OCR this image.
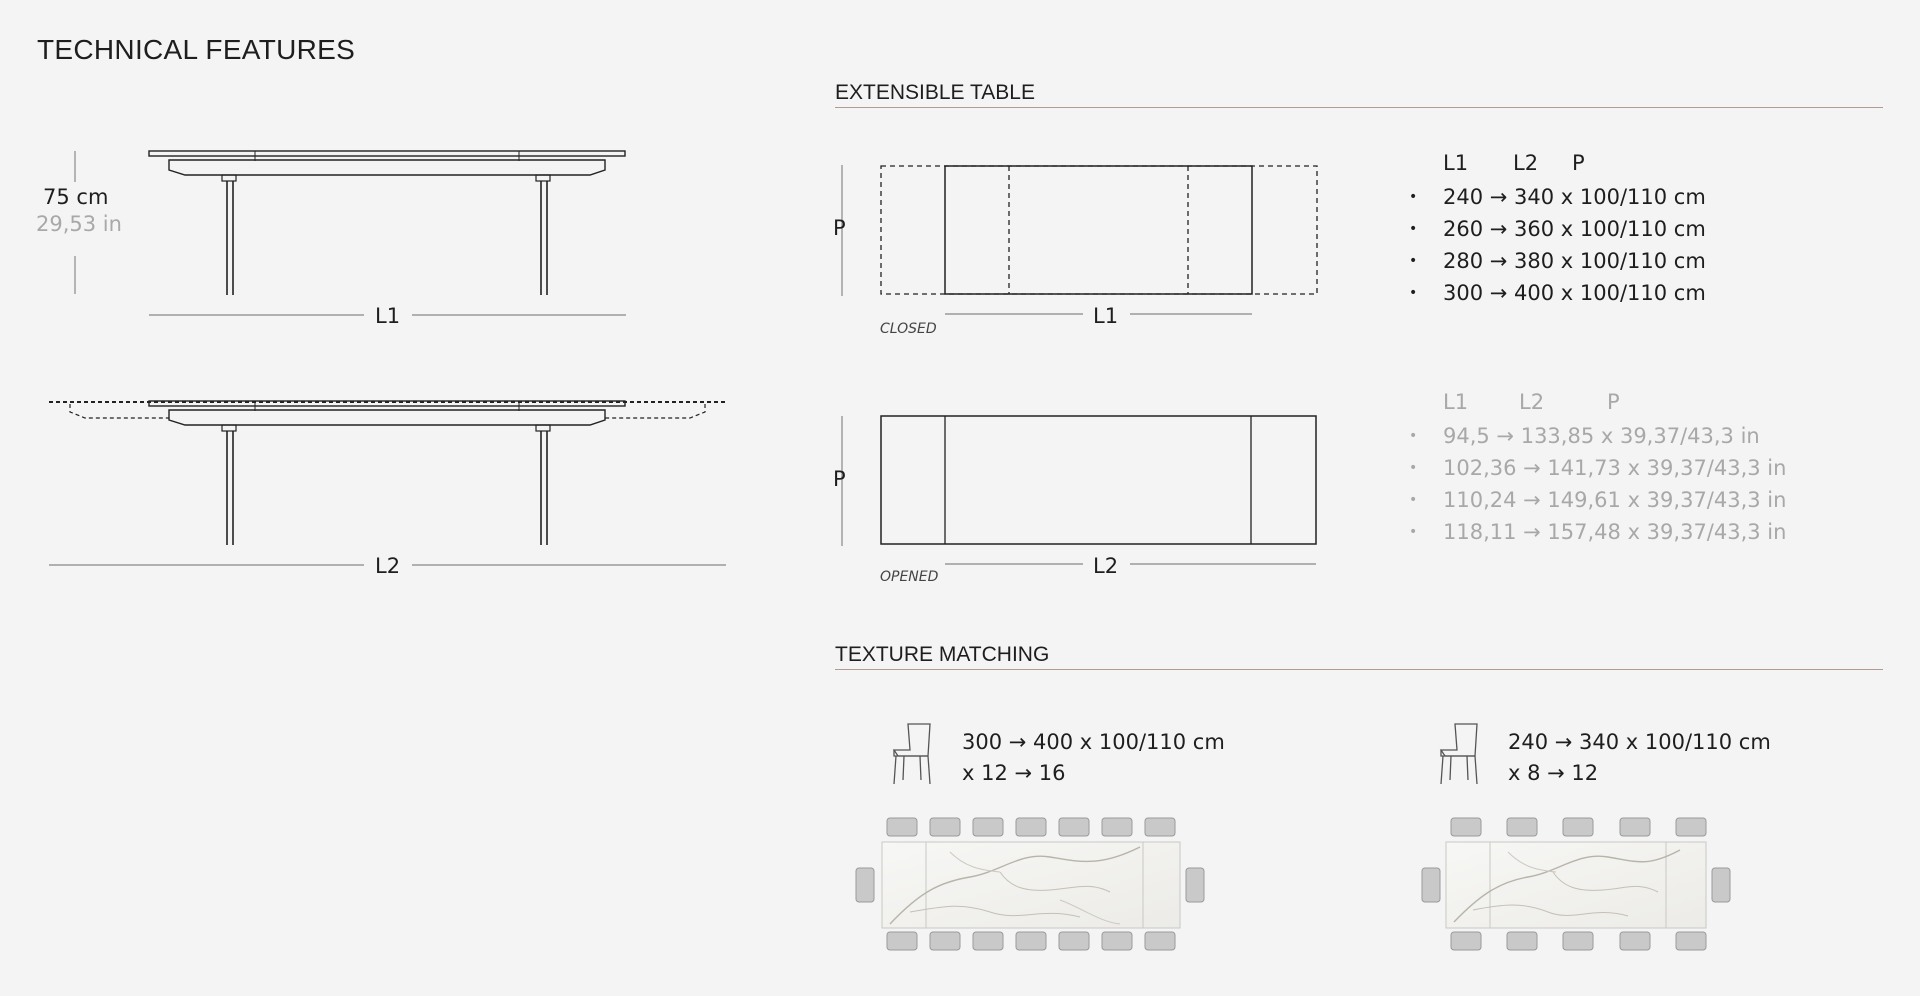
TECHNICAL FEATURES
75 cm
29,53 in
L1
L2
EXTENSIBLE TABLE
P
L1
CLOSED
P
L2
OPENED
L1 L2 P
• 240 → 340 x 100/110 cm
• 260 → 360 x 100/110 cm
• 280 → 380 x 100/110 cm
• 300 → 400 x 100/110 cm
L1 L2	P
• 94,5 → 133,85 x 39,37/43,3 in
• 102,36 → 141,73 x 39,37/43,3 in
• 110,24 → 149,61 x 39,37/43,3 in
• 118,11 → 157,48 x 39,37/43,3 in
TEXTURE MATCHING
300 → 400 x 100/110 cm
x 12 → 16
240 → 340 x 100/110 cm
x 8 → 12
